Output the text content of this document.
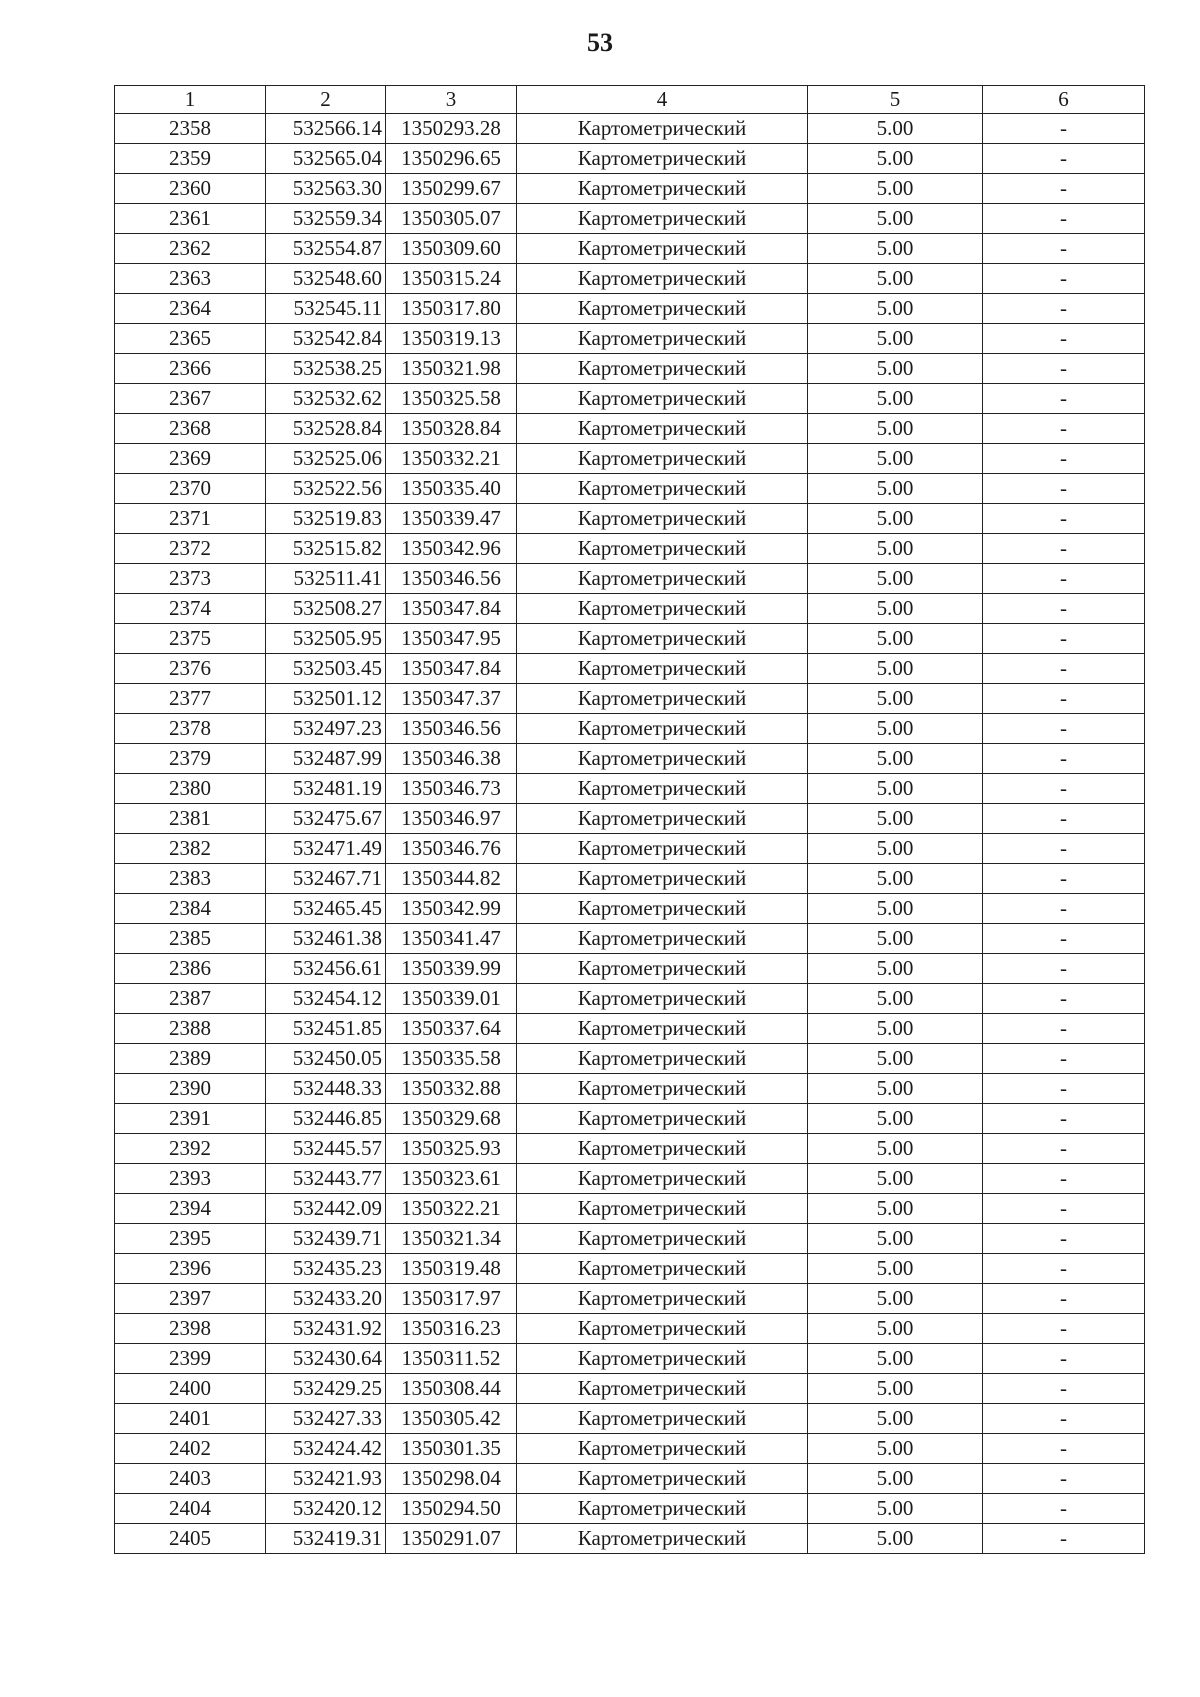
53
1	2	3	4	5	6
2358	532566.14	1350293.28	Картометрический	5.00	-
2359	532565.04	1350296.65	Картометрический	5.00	-
2360	532563.30	1350299.67	Картометрический	5.00	-
2361	532559.34	1350305.07	Картометрический	5.00	-
2362	532554.87	1350309.60	Картометрический	5.00	-
2363	532548.60	1350315.24	Картометрический	5.00	-
2364	532545.11	1350317.80	Картометрический	5.00	-
2365	532542.84	1350319.13	Картометрический	5.00	-
2366	532538.25	1350321.98	Картометрический	5.00	-
2367	532532.62	1350325.58	Картометрический	5.00	-
2368	532528.84	1350328.84	Картометрический	5.00	-
2369	532525.06	1350332.21	Картометрический	5.00	-
2370	532522.56	1350335.40	Картометрический	5.00	-
2371	532519.83	1350339.47	Картометрический	5.00	-
2372	532515.82	1350342.96	Картометрический	5.00	-
2373	532511.41	1350346.56	Картометрический	5.00	-
2374	532508.27	1350347.84	Картометрический	5.00	-
2375	532505.95	1350347.95	Картометрический	5.00	-
2376	532503.45	1350347.84	Картометрический	5.00	-
2377	532501.12	1350347.37	Картометрический	5.00	-
2378	532497.23	1350346.56	Картометрический	5.00	-
2379	532487.99	1350346.38	Картометрический	5.00	-
2380	532481.19	1350346.73	Картометрический	5.00	-
2381	532475.67	1350346.97	Картометрический	5.00	-
2382	532471.49	1350346.76	Картометрический	5.00	-
2383	532467.71	1350344.82	Картометрический	5.00	-
2384	532465.45	1350342.99	Картометрический	5.00	-
2385	532461.38	1350341.47	Картометрический	5.00	-
2386	532456.61	1350339.99	Картометрический	5.00	-
2387	532454.12	1350339.01	Картометрический	5.00	-
2388	532451.85	1350337.64	Картометрический	5.00	-
2389	532450.05	1350335.58	Картометрический	5.00	-
2390	532448.33	1350332.88	Картометрический	5.00	-
2391	532446.85	1350329.68	Картометрический	5.00	-
2392	532445.57	1350325.93	Картометрический	5.00	-
2393	532443.77	1350323.61	Картометрический	5.00	-
2394	532442.09	1350322.21	Картометрический	5.00	-
2395	532439.71	1350321.34	Картометрический	5.00	-
2396	532435.23	1350319.48	Картометрический	5.00	-
2397	532433.20	1350317.97	Картометрический	5.00	-
2398	532431.92	1350316.23	Картометрический	5.00	-
2399	532430.64	1350311.52	Картометрический	5.00	-
2400	532429.25	1350308.44	Картометрический	5.00	-
2401	532427.33	1350305.42	Картометрический	5.00	-
2402	532424.42	1350301.35	Картометрический	5.00	-
2403	532421.93	1350298.04	Картометрический	5.00	-
2404	532420.12	1350294.50	Картометрический	5.00	-
2405	532419.31	1350291.07	Картометрический	5.00	-
